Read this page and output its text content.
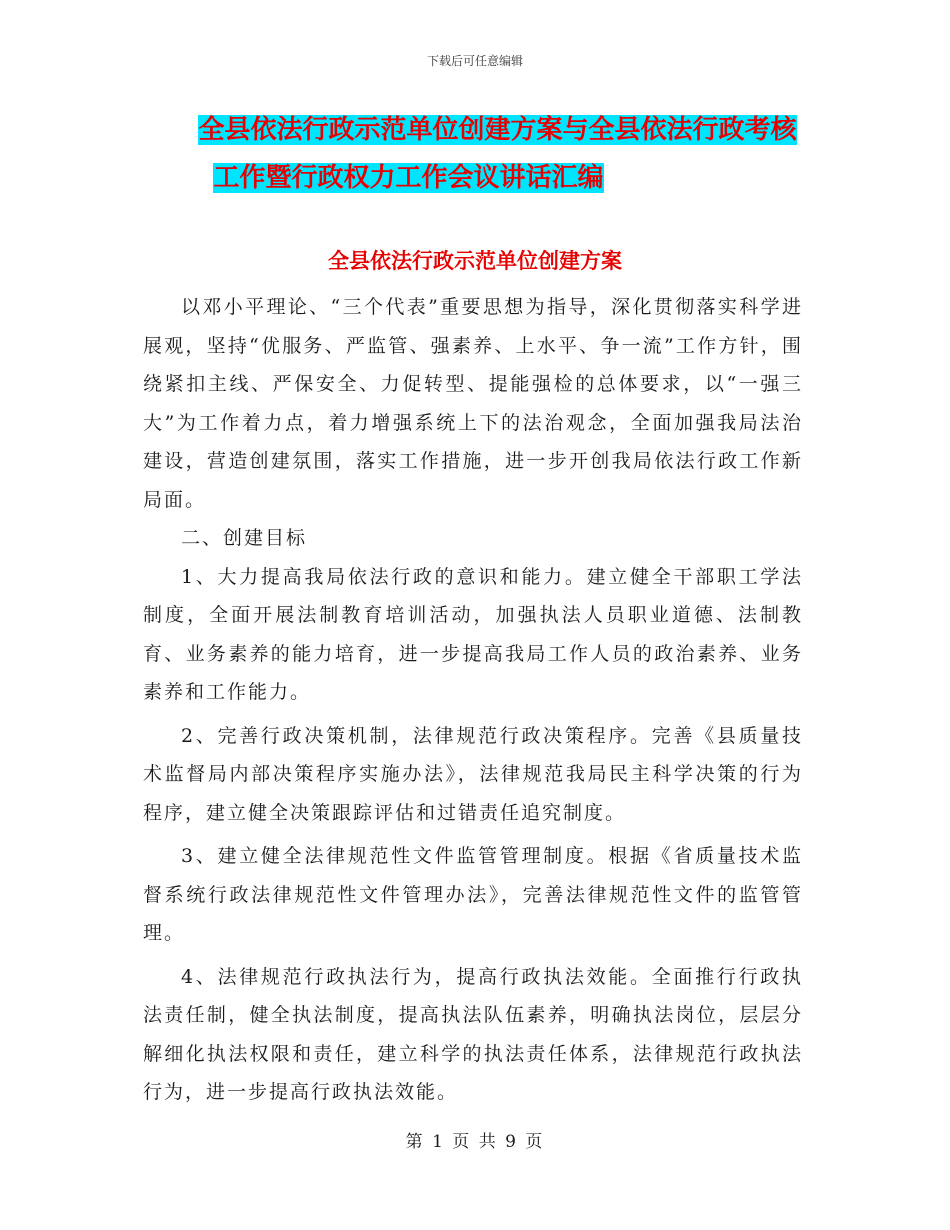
下载后可任意编辑
全县依法行政示范单位创建方案与全县依法行政考核
工作暨行政权力工作会议讲话汇编
全县依法行政示范单位创建方案

以邓小平理论、“三个代表”重要思想为指导，深化贯彻落实科学进展观，坚持“优服务、严监管、强素养、上水平、争一流”工作方针，围绕紧扣主线、严保安全、力促转型、提能强检的总体要求，以“一强三大”为工作着力点，着力增强系统上下的法治观念，全面加强我局法治建设，营造创建氛围，落实工作措施，进一步开创我局依法行政工作新局面。

二、创建目标

1、大力提高我局依法行政的意识和能力。建立健全干部职工学法制度，全面开展法制教育培训活动，加强执法人员职业道德、法制教育、业务素养的能力培育，进一步提高我局工作人员的政治素养、业务素养和工作能力。

2、完善行政决策机制，法律规范行政决策程序。完善《县质量技术监督局内部决策程序实施办法》，法律规范我局民主科学决策的行为程序，建立健全决策跟踪评估和过错责任追究制度。

3、建立健全法律规范性文件监管管理制度。根据《省质量技术监督系统行政法律规范性文件管理办法》，完善法律规范性文件的监管管理。

4、法律规范行政执法行为，提高行政执法效能。全面推行行政执法责任制，健全执法制度，提高执法队伍素养，明确执法岗位，层层分解细化执法权限和责任，建立科学的执法责任体系，法律规范行政执法行为，进一步提高行政执法效能。

第 1 页 共 9 页
